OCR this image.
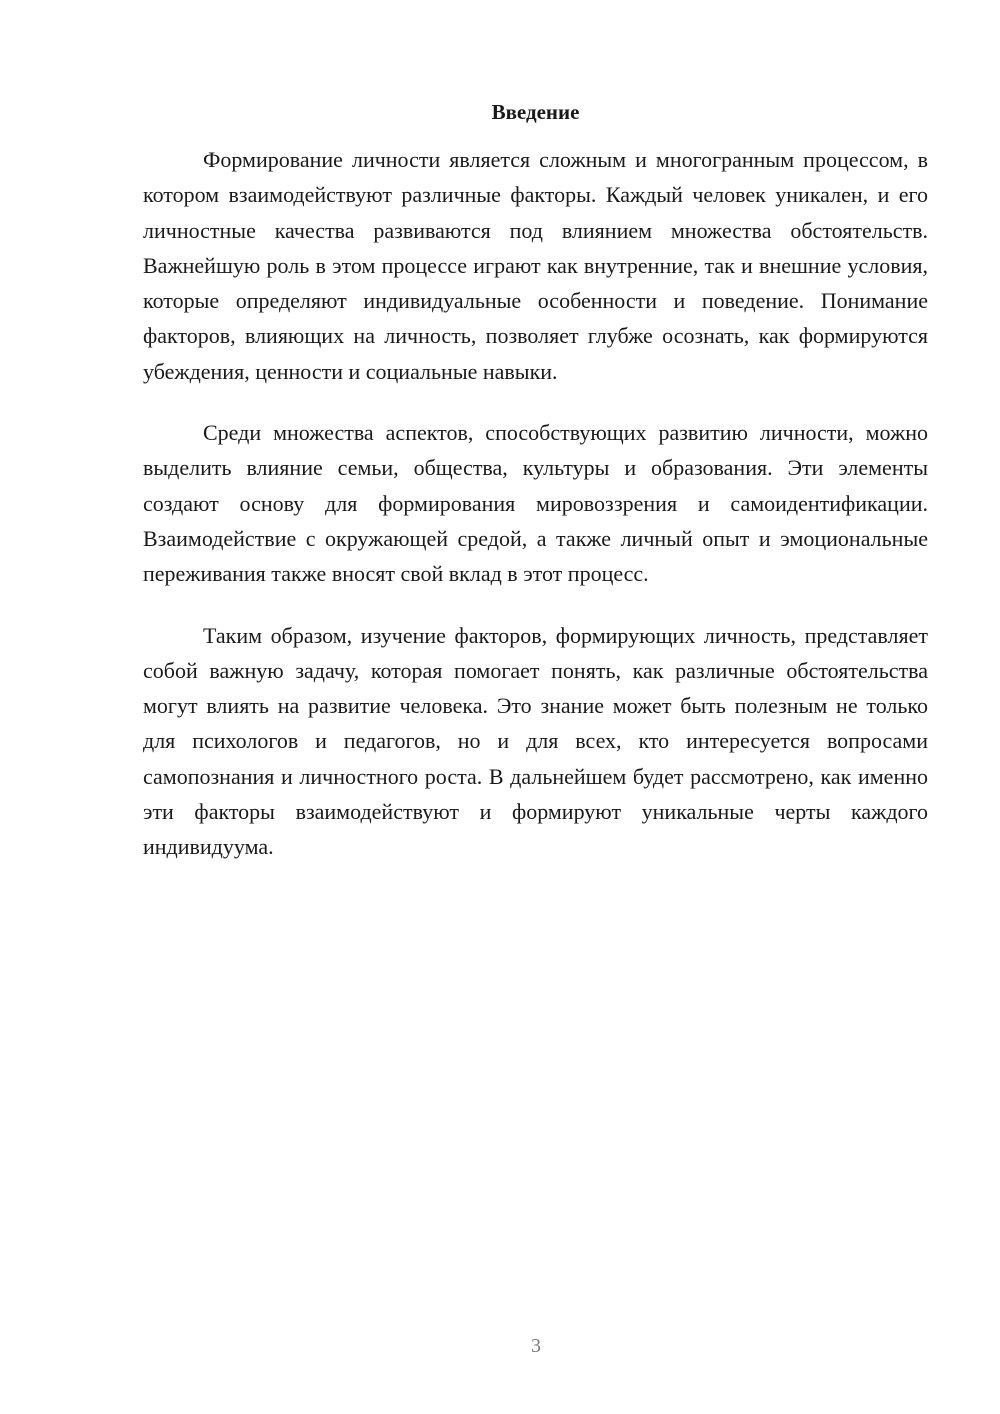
Введение

Формирование личности является сложным и многогранным процессом, в котором взаимодействуют различные факторы. Каждый человек уникален, и его личностные качества развиваются под влиянием множества обстоятельств. Важнейшую роль в этом процессе играют как внутренние, так и внешние условия, которые определяют индивидуальные особенности и поведение. Понимание факторов, влияющих на личность, позволяет глубже осознать, как формируются убеждения, ценности и социальные навыки.

Среди множества аспектов, способствующих развитию личности, можно выделить влияние семьи, общества, культуры и образования. Эти элементы создают основу для формирования мировоззрения и самоидентификации. Взаимодействие с окружающей средой, а также личный опыт и эмоциональные переживания также вносят свой вклад в этот процесс.

Таким образом, изучение факторов, формирующих личность, представляет собой важную задачу, которая помогает понять, как различные обстоятельства могут влиять на развитие человека. Это знание может быть полезным не только для психологов и педагогов, но и для всех, кто интересуется вопросами самопознания и личностного роста. В дальнейшем будет рассмотрено, как именно эти факторы взаимодействуют и формируют уникальные черты каждого индивидуума.

3
